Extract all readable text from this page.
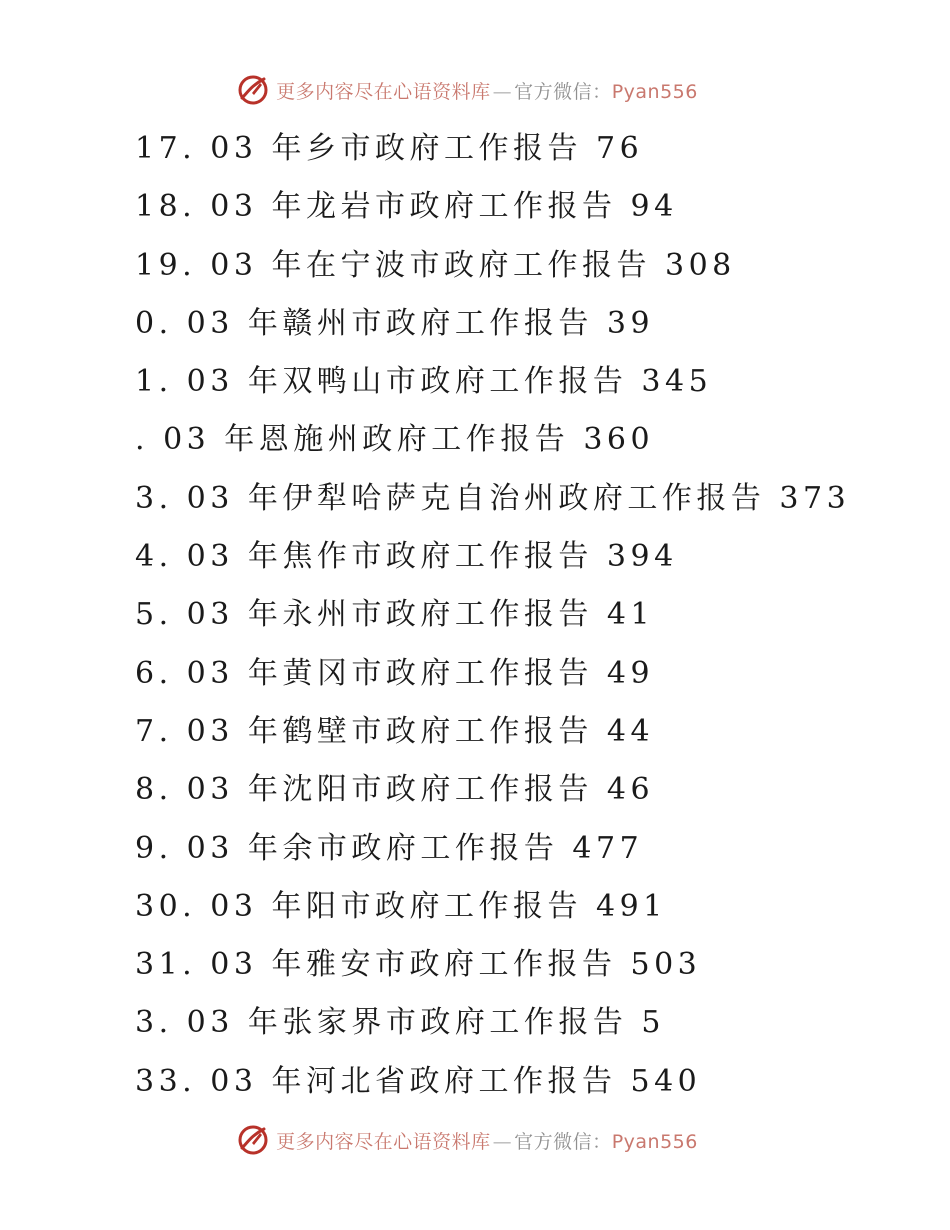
更多内容尽在心语资料库 — 官方微信：Pyan556
17. 03 年乡市政府工作报告 76
18. 03 年龙岩市政府工作报告 94
19. 03 年在宁波市政府工作报告 308
0. 03 年赣州市政府工作报告 39
1. 03 年双鸭山市政府工作报告 345
. 03 年恩施州政府工作报告 360
3. 03 年伊犁哈萨克自治州政府工作报告 373
4. 03 年焦作市政府工作报告 394
5. 03 年永州市政府工作报告 41
6. 03 年黄冈市政府工作报告 49
7. 03 年鹤壁市政府工作报告 44
8. 03 年沈阳市政府工作报告 46
9. 03 年余市政府工作报告 477
30. 03 年阳市政府工作报告 491
31. 03 年雅安市政府工作报告 503
3. 03 年张家界市政府工作报告 5
33. 03 年河北省政府工作报告 540
更多内容尽在心语资料库 — 官方微信：Pyan556
